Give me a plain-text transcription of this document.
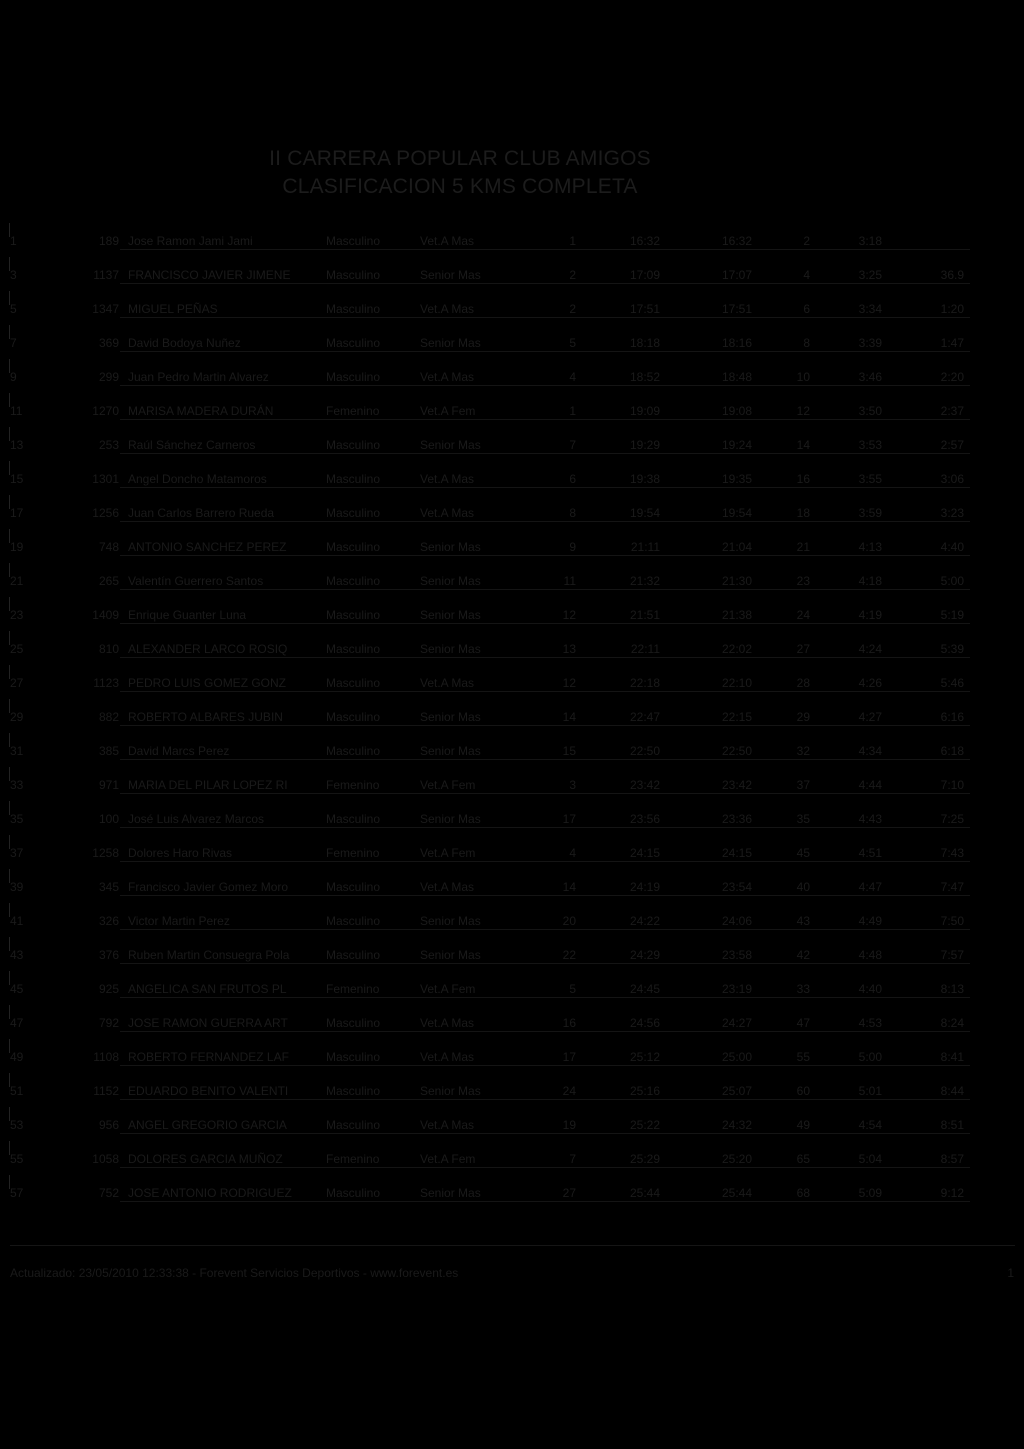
II CARRERA POPULAR CLUB AMIGOS
CLASIFICACION 5 KMS COMPLETA
1	189 Jose Ramon Jami Jami	Masculino	Vet.A Mas	1	16:32	16:32	2	3:18
3	1137 FRANCISCO JAVIER JIMENE	Masculino	Senior Mas	2	17:09	17:07	4	3:25	36.9
5	1347 MIGUEL PEÑAS	Masculino	Vet.A Mas	2	17:51	17:51	6	3:34	1:20
7	369 David Bodoya Nuñez	Masculino	Senior Mas	5	18:18	18:16	8	3:39	1:47
9	299 Juan Pedro Martin Alvarez	Masculino	Vet.A Mas	4	18:52	18:48	10	3:46	2:20
11	1270 MARISA MADERA DURÁN	Femenino	Vet.A Fem	1	19:09	19:08	12	3:50	2:37
13	253 Raúl Sánchez Carneros	Masculino	Senior Mas	7	19:29	19:24	14	3:53	2:57
15	1301 Angel Doncho Matamoros	Masculino	Vet.A Mas	6	19:38	19:35	16	3:55	3:06
17	1256 Juan Carlos Barrero Rueda	Masculino	Vet.A Mas	8	19:54	19:54	18	3:59	3:23
19	748 ANTONIO SANCHEZ PEREZ	Masculino	Senior Mas	9	21:11	21:04	21	4:13	4:40
21	265 Valentín Guerrero Santos	Masculino	Senior Mas	11	21:32	21:30	23	4:18	5:00
23	1409 Enrique Guanter Luna	Masculino	Senior Mas	12	21:51	21:38	24	4:19	5:19
25	810 ALEXANDER LARCO ROSIQ	Masculino	Senior Mas	13	22:11	22:02	27	4:24	5:39
27	1123 PEDRO LUIS GOMEZ GONZ	Masculino	Vet.A Mas	12	22:18	22:10	28	4:26	5:46
29	882 ROBERTO ALBARES JUBIN	Masculino	Senior Mas	14	22:47	22:15	29	4:27	6:16
31	385 David Marcs Perez	Masculino	Senior Mas	15	22:50	22:50	32	4:34	6:18
33	971 MARIA DEL PILAR LOPEZ RI	Femenino	Vet.A Fem	3	23:42	23:42	37	4:44	7:10
35	100 José Luis Alvarez Marcos	Masculino	Senior Mas	17	23:56	23:36	35	4:43	7:25
37	1258 Dolores Haro Rivas	Femenino	Vet.A Fem	4	24:15	24:15	45	4:51	7:43
39	345 Francisco Javier Gomez Moro	Masculino	Vet.A Mas	14	24:19	23:54	40	4:47	7:47
41	326 Victor Martin Perez	Masculino	Senior Mas	20	24:22	24:06	43	4:49	7:50
43	376 Ruben Martin Consuegra Pola	Masculino	Senior Mas	22	24:29	23:58	42	4:48	7:57
45	925 ANGELICA SAN FRUTOS PL	Femenino	Vet.A Fem	5	24:45	23:19	33	4:40	8:13
47	792 JOSE RAMON GUERRA ART	Masculino	Vet.A Mas	16	24:56	24:27	47	4:53	8:24
49	1108 ROBERTO FERNANDEZ LAF	Masculino	Vet.A Mas	17	25:12	25:00	55	5:00	8:41
51	1152 EDUARDO BENITO VALENTI	Masculino	Senior Mas	24	25:16	25:07	60	5:01	8:44
53	956 ANGEL GREGORIO GARCIA	Masculino	Vet.A Mas	19	25:22	24:32	49	4:54	8:51
55	1058 DOLORES GARCIA MUÑOZ	Femenino	Vet.A Fem	7	25:29	25:20	65	5:04	8:57
57	752 JOSE ANTONIO RODRIGUEZ	Masculino	Senior Mas	27	25:44	25:44	68	5:09	9:12
Actualizado: 23/05/2010 12:33:38 - Forevent Servicios Deportivos - www.forevent.es	1
